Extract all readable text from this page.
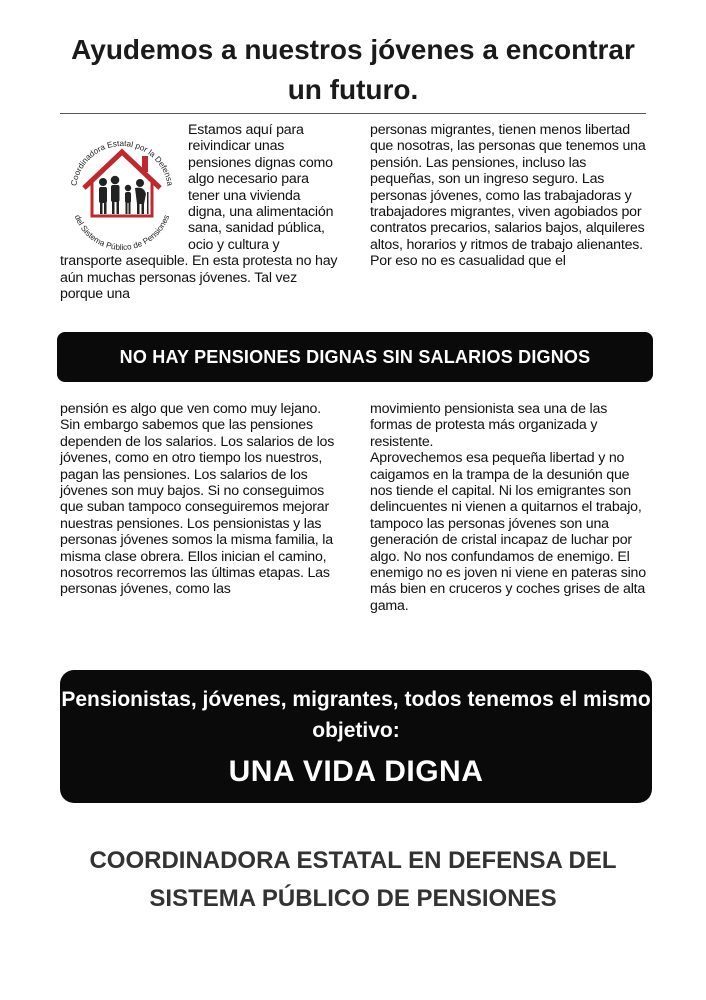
Ayudemos a nuestros jóvenes a encontrar un futuro.
Coordinadora Estatal por la Defensa
del Sistema Público de Pensiones

Estamos aquí para reivindicar unas pensiones dignas como algo necesario para tener una vivienda digna, una alimentación sana, sanidad pública, ocio y cultura y transporte asequible. En esta protesta no hay aún muchas personas jóvenes. Tal vez porque una

personas migrantes, tienen menos libertad que nosotras, las personas que tenemos una pensión. Las pensiones, incluso las pequeñas, son un ingreso seguro. Las personas jóvenes, como las trabajadoras y trabajadores migrantes, viven agobiados por contratos precarios, salarios bajos, alquileres altos, horarios y ritmos de trabajo alienantes.

Por eso no es casualidad que el

NO HAY PENSIONES DIGNAS SIN SALARIOS DIGNOS

pensión es algo que ven como muy lejano. Sin embargo sabemos que las pensiones dependen de los salarios. Los salarios de los jóvenes, como en otro tiempo los nuestros, pagan las pensiones. Los salarios de los jóvenes son muy bajos. Si no conseguimos que suban tampoco conseguiremos mejorar nuestras pensiones. Los pensionistas y las personas jóvenes somos la misma familia, la misma clase obrera. Ellos inician el camino, nosotros recorremos las últimas etapas. Las personas jóvenes, como las

movimiento pensionista sea una de las formas de protesta más organizada y resistente.

Aprovechemos esa pequeña libertad y no caigamos en la trampa de la desunión que nos tiende el capital. Ni los emigrantes son delincuentes ni vienen a quitarnos el trabajo, tampoco las personas jóvenes son una generación de cristal incapaz de luchar por algo. No nos confundamos de enemigo. El enemigo no es joven ni viene en pateras sino más bien en cruceros y coches grises de alta gama.

Pensionistas, jóvenes, migrantes, todos tenemos el mismo objetivo:
UNA VIDA DIGNA
COORDINADORA ESTATAL EN DEFENSA DEL SISTEMA PÚBLICO DE PENSIONES
